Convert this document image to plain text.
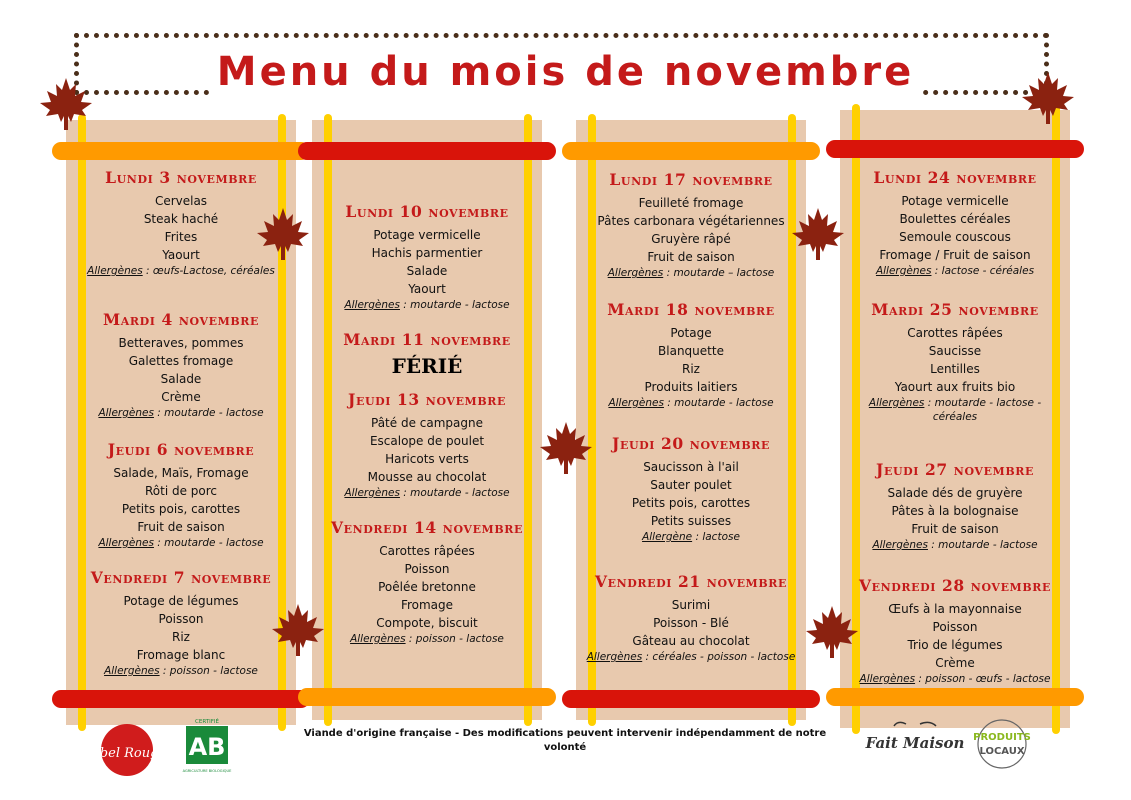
Menu du mois de novembre
Lundi 3 novembre
Cervelas
Steak haché
Frites
Yaourt
Allergènes : œufs-Lactose, céréales
Mardi 4 novembre
Betteraves, pommes
Galettes fromage
Salade
Crème
Allergènes : moutarde - lactose
Jeudi 6 novembre
Salade, Maïs, Fromage
Rôti de porc
Petits pois, carottes
Fruit de saison
Allergènes : moutarde - lactose
Vendredi 7 novembre
Potage de légumes
Poisson
Riz
Fromage blanc
Allergènes : poisson - lactose
Lundi 10 novembre
Potage vermicelle
Hachis parmentier
Salade
Yaourt
Allergènes : moutarde - lactose
Mardi 11 novembre
FÉRIÉ
Jeudi 13 novembre
Pâté de campagne
Escalope de poulet
Haricots verts
Mousse au chocolat
Allergènes : moutarde - lactose
Vendredi 14 novembre
Carottes râpées
Poisson
Poêlée bretonne
Fromage
Compote, biscuit
Allergènes : poisson - lactose
Lundi 17 novembre
Feuilleté fromage
Pâtes carbonara végétariennes
Gruyère râpé
Fruit de saison
Allergènes : moutarde – lactose
Mardi 18 novembre
Potage
Blanquette
Riz
Produits laitiers
Allergènes : moutarde - lactose
Jeudi 20 novembre
Saucisson à l'ail
Sauter poulet
Petits pois, carottes
Petits suisses
Allergène : lactose
Vendredi 21 novembre
Surimi
Poisson - Blé
Gâteau au chocolat
Allergènes : céréales - poisson - lactose
Lundi 24 novembre
Potage vermicelle
Boulettes céréales
Semoule couscous
Fromage / Fruit de saison
Allergènes : lactose - céréales
Mardi 25 novembre
Carottes râpées
Saucisse
Lentilles
Yaourt aux fruits bio
Allergènes : moutarde - lactose - céréales
Jeudi 27 novembre
Salade dés de gruyère
Pâtes à la bolognaise
Fruit de saison
Allergènes : moutarde - lactose
Vendredi 28 novembre
Œufs à la mayonnaise
Poisson
Trio de légumes
Crème
Allergènes : poisson - œufs - lactose
Viande d'origine française - Des modifications peuvent intervenir indépendamment de notre volonté
label Rouge
CERTIFIÉ
AB
AGRICULTURE BIOLOGIQUE
Fait Maison PRODUITS
LOCAUX
